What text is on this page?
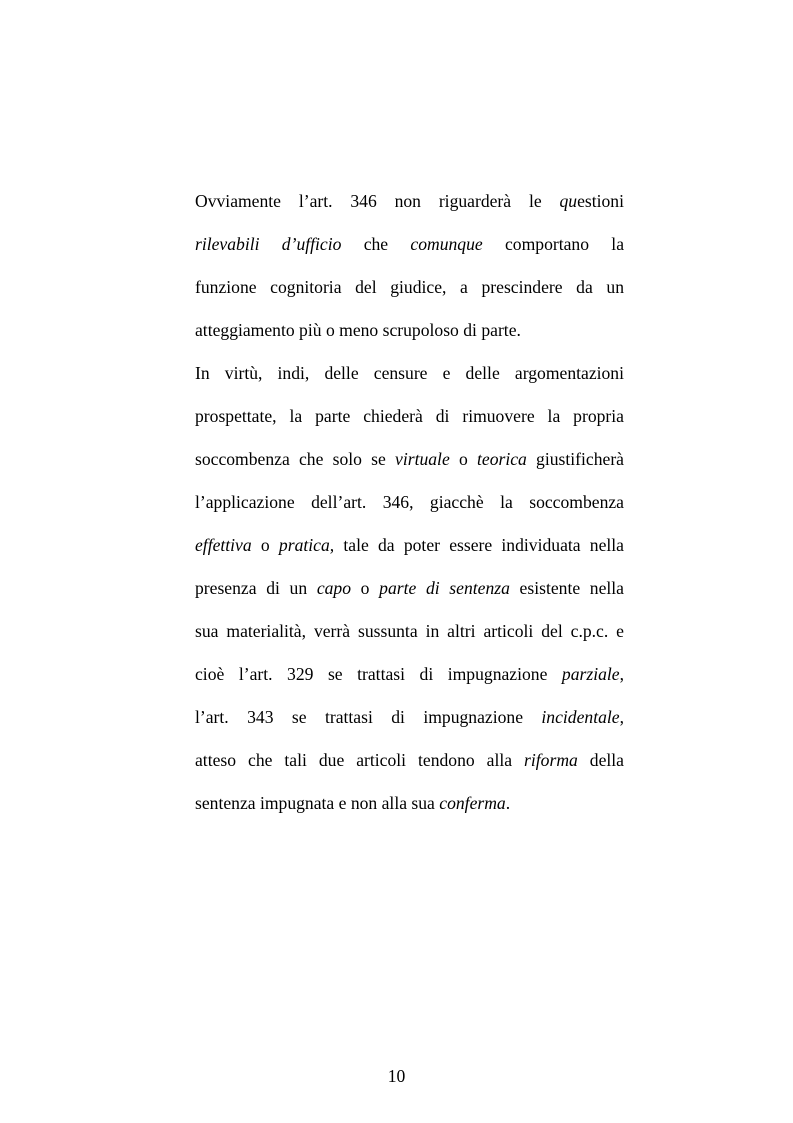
Ovviamente l’art. 346 non riguarderà le questioni
rilevabili d’ufficio che comunque comportano la
funzione cognitoria del giudice, a prescindere da un
atteggiamento più o meno scrupoloso di parte.
In virtù, indi, delle censure e delle argomentazioni
prospettate, la parte chiederà di rimuovere la propria
soccombenza che solo se virtuale o teorica giustificherà
l’applicazione dell’art. 346, giacchè la soccombenza
effettiva o pratica, tale da poter essere individuata nella
presenza di un capo o parte di sentenza esistente nella
sua materialità, verrà sussunta in altri articoli del c.p.c. e
cioè l’art. 329 se trattasi di impugnazione parziale,
l’art. 343 se trattasi di impugnazione incidentale,
atteso che tali due articoli tendono alla riforma della
sentenza impugnata e non alla sua conferma.
10
